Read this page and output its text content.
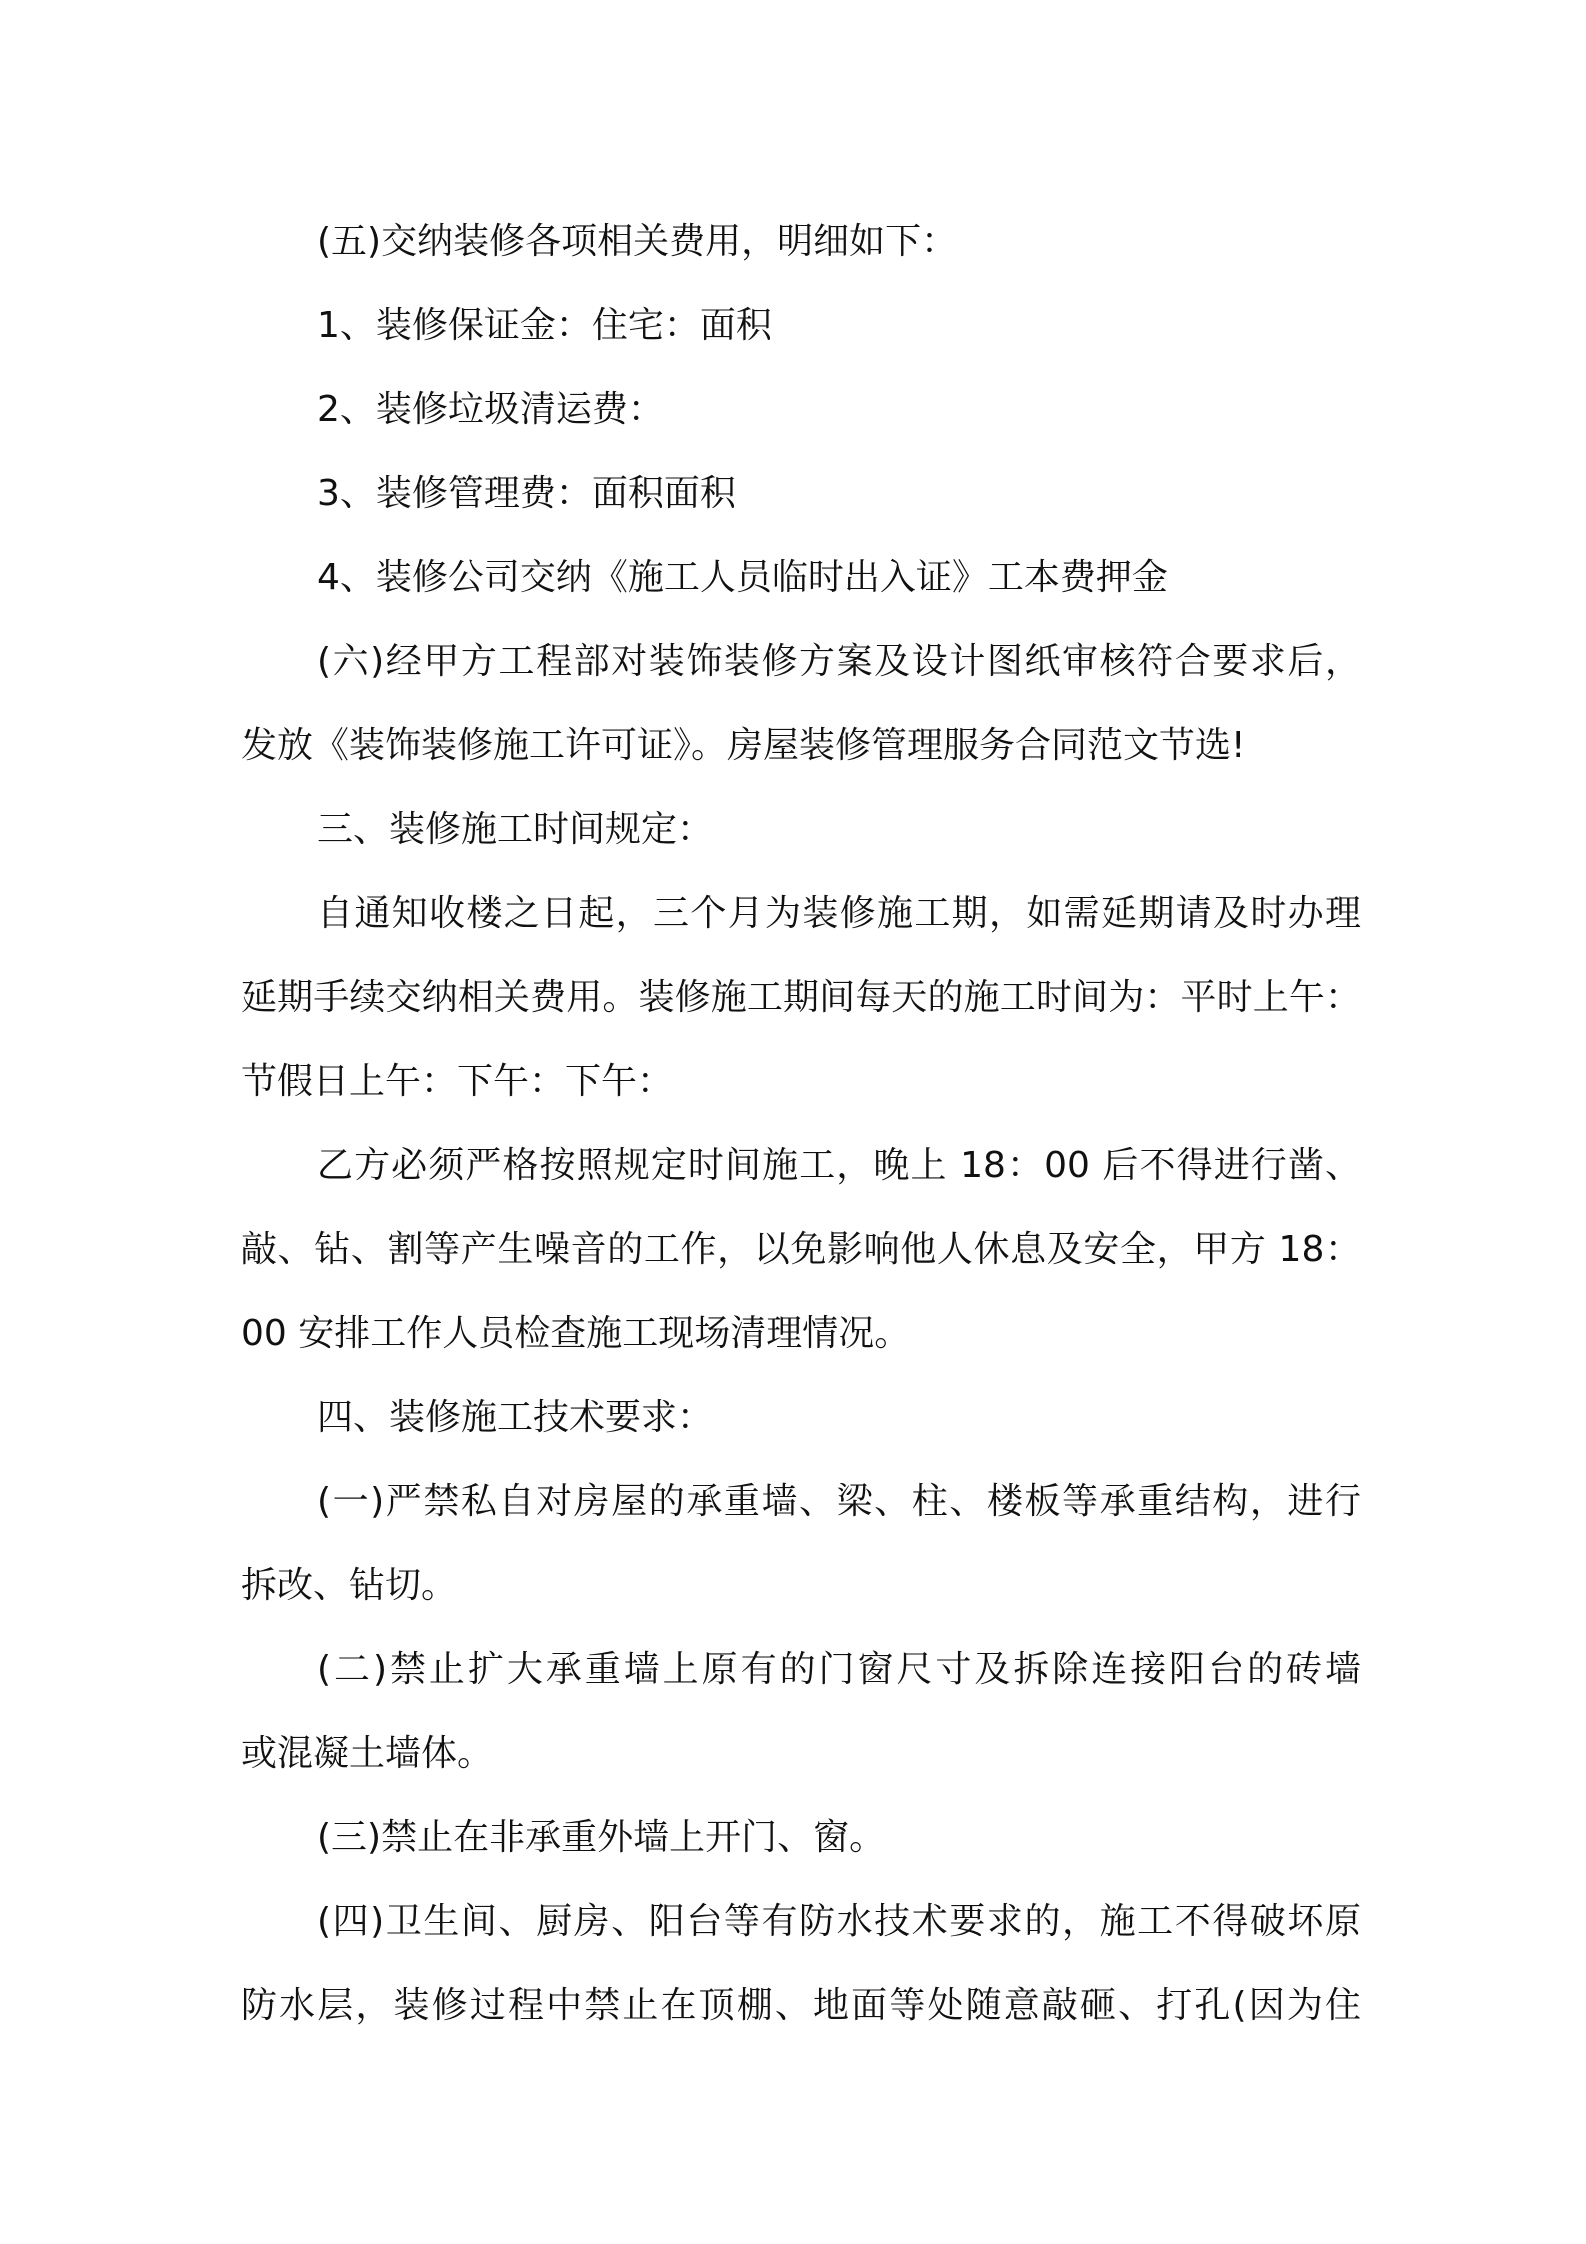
(五)交纳装修各项相关费用，明细如下：
1、装修保证金：住宅：面积
2、装修垃圾清运费：
3、装修管理费：面积面积
4、装修公司交纳《施工人员临时出入证》工本费押金
(六)经甲方工程部对装饰装修方案及设计图纸审核符合要求后，
发放《装饰装修施工许可证》。房屋装修管理服务合同范文节选!
三、装修施工时间规定：
自通知收楼之日起，三个月为装修施工期，如需延期请及时办理
延期手续交纳相关费用。装修施工期间每天的施工时间为：平时上午：
节假日上午：下午：下午：
乙方必须严格按照规定时间施工，晚上 18：00 后不得进行凿、
敲、钻、割等产生噪音的工作，以免影响他人休息及安全，甲方 18：
00 安排工作人员检查施工现场清理情况。
四、装修施工技术要求：
(一)严禁私自对房屋的承重墙、梁、柱、楼板等承重结构，进行
拆改、钻切。
(二)禁止扩大承重墙上原有的门窗尺寸及拆除连接阳台的砖墙
或混凝土墙体。
(三)禁止在非承重外墙上开门、窗。
(四)卫生间、厨房、阳台等有防水技术要求的，施工不得破坏原
防水层，装修过程中禁止在顶棚、地面等处随意敲砸、打孔(因为住
